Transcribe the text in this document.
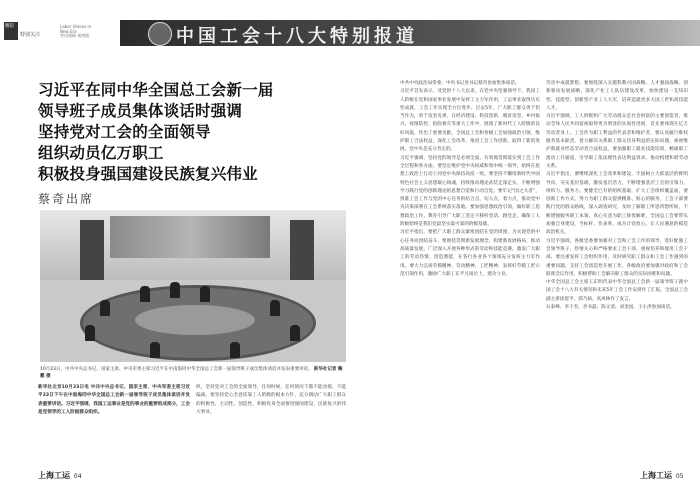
精彩
特别关注
Labor Unions in New Era
劳动保障 观察版
习近平在同中华全国总工会新一届
领导班子成员集体谈话时强调
坚持党对工会的全面领导
组织动员亿万职工
积极投身强国建设民族复兴伟业
蔡奇出席
10月23日，中共中央总书记、国家主席、中央军委主席习近平在中南海同中华全国总工会新一届领导班子成员集体谈话并发表重要讲话。 新华社记者 鞠鹏 摄
新华社北京10月23日电 中共中央总书记、国家主席、中央军委主席习近平23日下午在中南海同中华全国总工会新一届领导班子成员集体谈话并发表重要讲话。习近平强调，我国工运事业是党的事业的重要组成部分，工会是党领导的工人阶级群众组织。
织，坚持党对工会的全面领导，任何时候、任何情况下都不能动摇、不能偏离。要坚持党心全意依靠工人阶级的根本方针，充分调动广大职工群众的积极性、主动性、创造性，积极投身全面推进强国建设、民族复兴的伟大事业。
上海工运 04
中国工会十八大特别报道
中共中央政治局常委、中央书记处书记蔡奇参加集体谈话。
习近平首先表示，受党的十八大以来，在党中央坚强领导下，我国工人阶级在党和国家事业发展中发挥了主力军作用，工运事业取得历史性成就，工会工作实现全方位进步。过去5年，广大职工群众勇于担当作为，勇于攻坚克难，在经济建设、科技创新、脱贫攻坚、乡村振兴、疫情防控、抢险救灾等重大工作中，展现了新时代工人阶级的良好风貌，作出了重要贡献。全国总工会和各级工会加强政治引领，维护职工合法权益，深化工会改革，推进工会工作创新，取得了新的进展。党中央是充分肯定的。
习近平强调，坚持党的领导是必须全面，有效地贯彻落实到工会工作全过程和各方面。要坚定维护党中央权威和集中统一领导，始终在思想上政治上行动上同党中央保持高度一致。要坚持不懈用新时代中国特色社会主义思想凝心铸魂，持续推动理论武装走深走实，不断增强学习践行党的创新理论的思想自觉和行动自觉。要牢记“国之大者”，找准工会工作与党的中心任务的结合点，切入点，着力点，推动党中央决策部署在工会系统落实落地。要加强思想政治引领，做好职工思想政治工作，教育引导广大职工坚定不移听党话、跟党走，确保工人阶级始终是我们党最坚实最可靠的阶级基础。
习近平指出，要把广大职工群众紧密团结在党的周围，为实现党的中心任务而团结奋斗。要围绕贯彻新发展理念，构建新发展格局，推动高质量发展，广泛深入开展各种形式的劳动和技能竞赛，激发广大职工的劳动热情，创造潜能，在各行各业各个领域充分发挥主力军作用。要大力弘扬劳模精神、劳动精神、工匠精神，发挥好劳模工匠示范引领作用，激励广大职工在平凡岗位上，建功立业。
劳动中成就梦想。要围绕深入实施科教兴国战略、人才强国战略、创新驱动发展战略，深化产业工人队伍建设改革，加快建设一支知识型、技能型、创新型产业工人大军，培养造就更多大国工匠和高技能人才。
习近平强调，工人阶级和广大劳动群众是社会财富的主要创造者，推动全体人民共同富裕取得更为明显的实质性进展，首先要体现在亿万劳动者身上。工会作为职工利益的代表者和维护者，要认真履行维权服务基本职责，着力解决关系职工群众切身利益的实际问题，索视维护新就业形态劳动者合法权益，要加强职工就业技能培训，畅通职工流动上升通道，引导职工依法理性表达利益诉求，推动构建和谐劳动关系。
习近平指出，要继续深化工会改革和建设，牢固树立大抓基层的鲜明导向，夯实基层基础，激发基层活力，不断增强基层工会的引领力、组织力、服务力。要健全已有的组织基础，扩大工会组织覆盖面，要创新工作方式，努力为职工群众提供精准、贴心的服务，工会干部要践行党的群众路线，深入调查研究，及时了解职工所思所想所盼，不断增强服务职工本领，真心实意为职工排忧解难，全国总工会要带头加强自身建设，当标杆、作表率，成为让党放心、让人民满意的模范政治机关。
习近平强调，各级党委要加强对工会和工会工作的领导，选好配强工会领导班子，热情关心和严格要求工会干部，重视培养和使用工会干部，要注重发挥工会组织作用，及时研究职工群众和工会工作遇到的重要问题，支持工会创造性开展工作，各级政府要加强对政府和工会联席会议作用，积极帮助工会解决职工群众的实际困难和问题。
中华全国总工会主席王东明代表中华全国总工会新一届领导班子就中国工会十八大有关情况和未来5年工会工作安排作了汇报。全国总工会副主席徐留平、郭乃硕、高凤林作了发言。
石泰峰、李干杰、李书磊、陈文清、刘金国、王小洪参加谈话。
上海工运 05
